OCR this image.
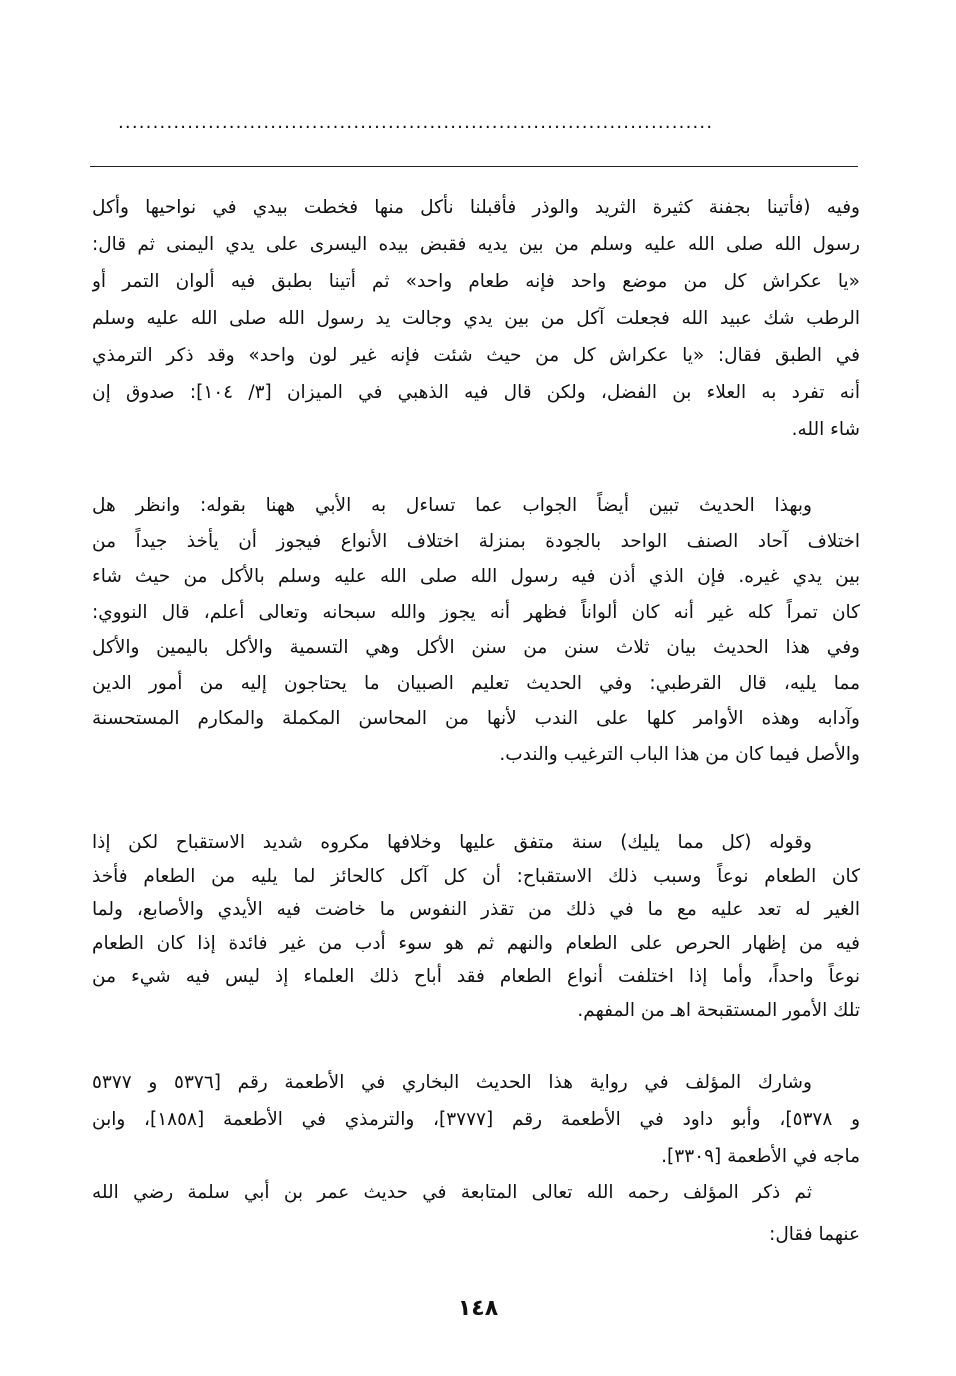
......................................................................................
وفيه (فأتينا بجفنة كثيرة الثريد والوذر فأقبلنا نأكل منها فخطت بيدي في نواحيها وأكل
رسول الله صلى الله عليه وسلم من بين يديه فقبض بيده اليسرى على يدي اليمنى ثم قال:
«يا عكراش كل من موضع واحد فإنه طعام واحد» ثم أتينا بطبق فيه ألوان التمر أو
الرطب شك عبيد الله فجعلت آكل من بين يدي وجالت يد رسول الله صلى الله عليه وسلم
في الطبق فقال: «يا عكراش كل من حيث شئت فإنه غير لون واحد» وقد ذكر الترمذي
أنه تفرد به العلاء بن الفضل، ولكن قال فيه الذهبي في الميزان [٣/ ١٠٤]: صدوق إن
شاء الله.
وبهذا الحديث تبين أيضاً الجواب عما تساءل به الأبي ههنا بقوله: وانظر هل
اختلاف آحاد الصنف الواحد بالجودة بمنزلة اختلاف الأنواع فيجوز أن يأخذ جيداً من
بين يدي غيره. فإن الذي أذن فيه رسول الله صلى الله عليه وسلم بالأكل من حيث شاء
كان تمراً كله غير أنه كان ألواناً فظهر أنه يجوز والله سبحانه وتعالى أعلم، قال النووي:
وفي هذا الحديث بيان ثلاث سنن من سنن الأكل وهي التسمية والأكل باليمين والأكل
مما يليه، قال القرطبي: وفي الحديث تعليم الصبيان ما يحتاجون إليه من أمور الدين
وآدابه وهذه الأوامر كلها على الندب لأنها من المحاسن المكملة والمكارم المستحسنة
والأصل فيما كان من هذا الباب الترغيب والندب.
وقوله (كل مما يليك) سنة متفق عليها وخلافها مكروه شديد الاستقباح لكن إذا
كان الطعام نوعاً وسبب ذلك الاستقباح: أن كل آكل كالحائز لما يليه من الطعام فأخذ
الغير له تعد عليه مع ما في ذلك من تقذر النفوس ما خاضت فيه الأيدي والأصابع، ولما
فيه من إظهار الحرص على الطعام والنهم ثم هو سوء أدب من غير فائدة إذا كان الطعام
نوعاً واحداً، وأما إذا اختلفت أنواع الطعام فقد أباح ذلك العلماء إذ ليس فيه شيء من
تلك الأمور المستقبحة اهـ من المفهم.
وشارك المؤلف في رواية هذا الحديث البخاري في الأطعمة رقم [٥٣٧٦ و ٥٣٧٧
و ٥٣٧٨]، وأبو داود في الأطعمة رقم [٣٧٧٧]، والترمذي في الأطعمة [١٨٥٨]، وابن
ماجه في الأطعمة [٣٣٠٩].
ثم ذكر المؤلف رحمه الله تعالى المتابعة في حديث عمر بن أبي سلمة رضي الله
عنهما فقال:
١٤٨
